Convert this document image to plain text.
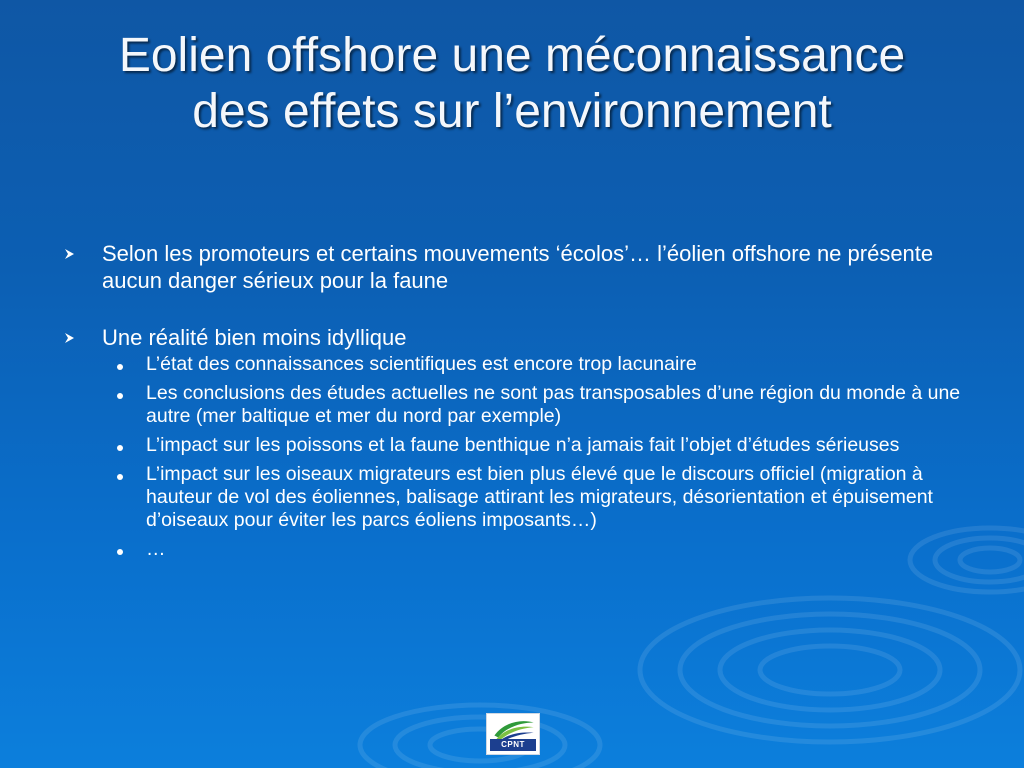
Eolien offshore une méconnaissance
des effets sur l’environnement
Selon les promoteurs et certains mouvements ‘écolos’… l’éolien offshore ne présente aucun danger sérieux pour la faune
Une réalité bien moins idyllique
L’état des connaissances scientifiques est encore trop lacunaire
Les conclusions des études actuelles ne sont pas transposables d’une région du monde à une autre (mer baltique et mer du nord par exemple)
L’impact sur les poissons et la faune benthique n’a jamais fait l’objet d’études sérieuses
L’impact sur les oiseaux migrateurs est bien plus élevé que le discours officiel (migration à hauteur de vol des éoliennes, balisage attirant les migrateurs, désorientation et épuisement d’oiseaux pour éviter les parcs éoliens imposants…)
…
CPNT
